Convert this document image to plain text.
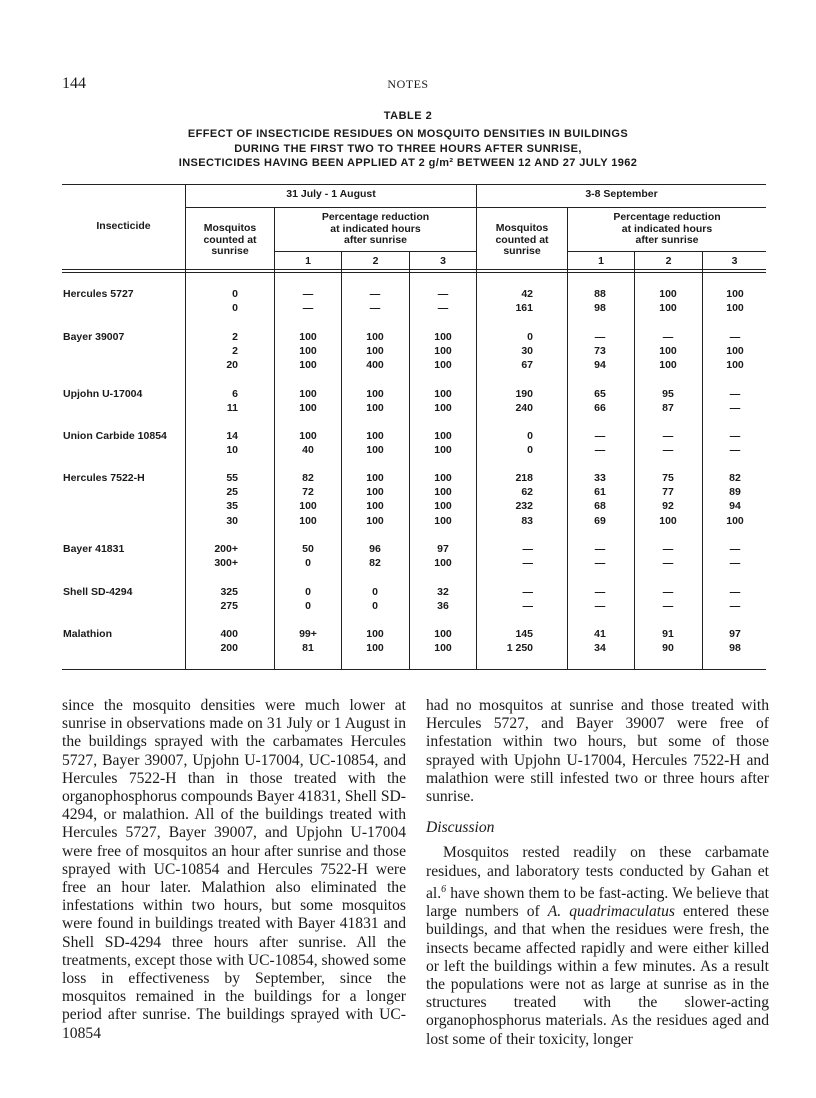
144	NOTES
TABLE 2
EFFECT OF INSECTICIDE RESIDUES ON MOSQUITO DENSITIES IN BUILDINGS
DURING THE FIRST TWO TO THREE HOURS AFTER SUNRISE,
INSECTICIDES HAVING BEEN APPLIED AT 2 g/m² BETWEEN 12 AND 27 JULY 1962
Insecticide
31 July - 1 August	3-8 September
Mosquitos
counted at
sunrise
Percentage reduction
at indicated hours
after sunrise
Mosquitos
counted at
sunrise
Percentage reduction
at indicated hours
after sunrise
1	2	3	1	2	3
Hercules 5727	0	—	—	—	42	88	100	100
0	—	—	—	161	98	100	100
Bayer 39007	2	100	100	100	0	—	—	—
2	100	100	100	30	73	100	100
20	100	400	100	67	94	100	100
Upjohn U-17004	6	100	100	100	190	65	95	—
11	100	100	100	240	66	87	—
Union Carbide 10854	14	100	100	100	0	—	—	—
10	40	100	100	0	—	—	—
Hercules 7522-H	55	82	100	100	218	33	75	82
25	72	100	100	62	61	77	89
35	100	100	100	232	68	92	94
30	100	100	100	83	69	100	100
Bayer 41831	200+	50	96	97	—	—	—	—
300+	0	82	100	—	—	—	—
Shell SD-4294	325	0	0	32	—	—	—	—
275	0	0	36	—	—	—	—
Malathion	400	99+	100	100	145	41	91	97
200	81	100	100	1 250	34	90	98

since the mosquito densities were much lower at sunrise in observations made on 31 July or 1 August in the buildings sprayed with the carbamates Hercules 5727, Bayer 39007, Upjohn U-17004, UC-10854, and Hercules 7522-H than in those treated with the organophosphorus compounds Bayer 41831, Shell SD-4294, or malathion. All of the buildings treated with Hercules 5727, Bayer 39007, and Upjohn U-17004 were free of mosquitos an hour after sunrise and those sprayed with UC-10854 and Hercules 7522-H were free an hour later. Malathion also eliminated the infestations within two hours, but some mosquitos were found in buildings treated with Bayer 41831 and Shell SD-4294 three hours after sunrise. All the treatments, except those with UC-10854, showed some loss in effectiveness by September, since the mosquitos remained in the buildings for a longer period after sunrise. The buildings sprayed with UC-10854

had no mosquitos at sunrise and those treated with Hercules 5727, and Bayer 39007 were free of infestation within two hours, but some of those sprayed with Upjohn U-17004, Hercules 7522-H and malathion were still infested two or three hours after sunrise.

Discussion

Mosquitos rested readily on these carbamate residues, and laboratory tests conducted by Gahan et al.$^6$ have shown them to be fast-acting. We believe that large numbers of A. quadrimaculatus entered these buildings, and that when the residues were fresh, the insects became affected rapidly and were either killed or left the buildings within a few minutes. As a result the populations were not as large at sunrise as in the structures treated with the slower-acting organophosphorus materials. As the residues aged and lost some of their toxicity, longer
